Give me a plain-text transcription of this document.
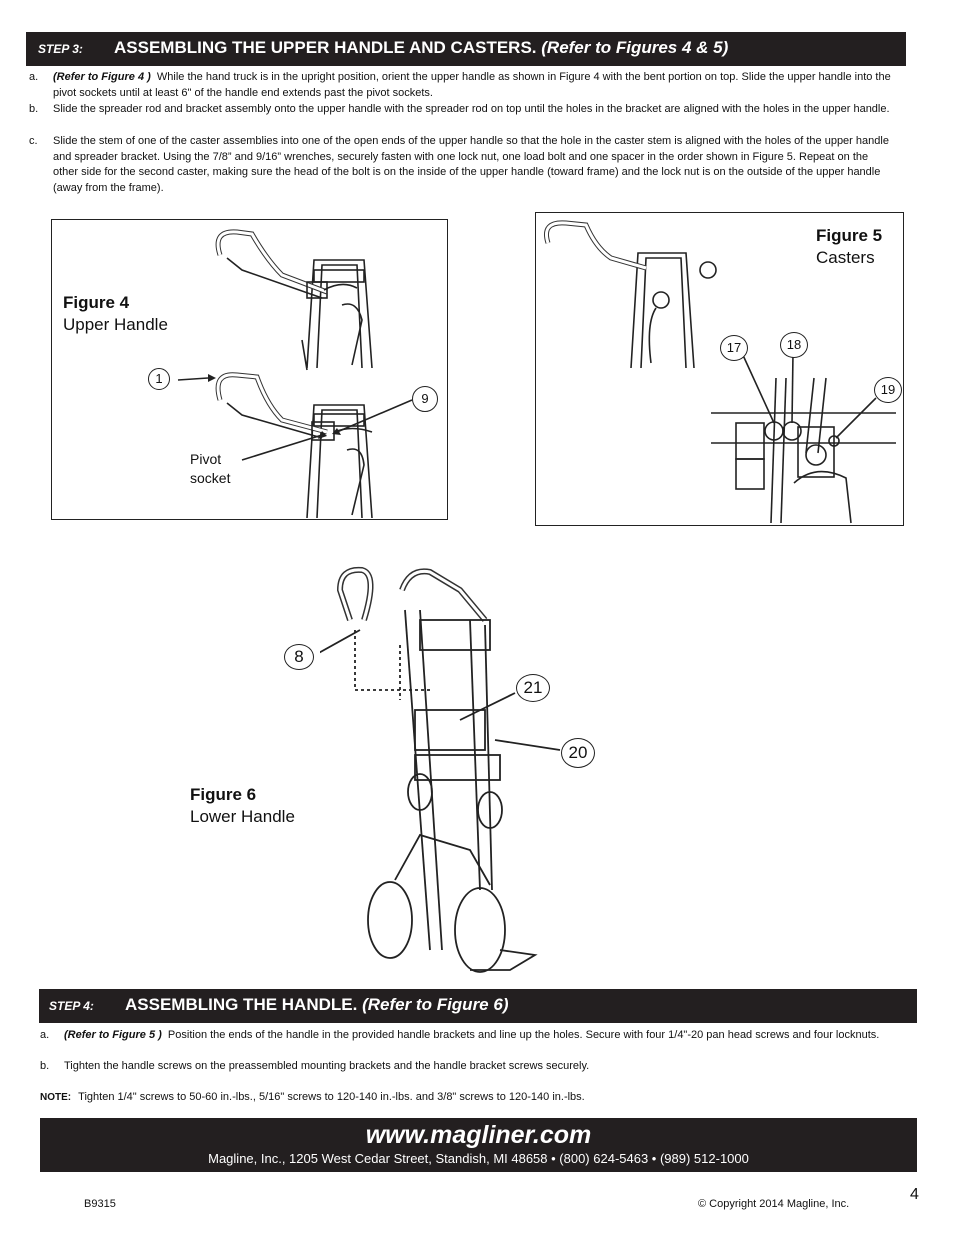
STEP 3: ASSEMBLING THE UPPER HANDLE AND CASTERS. (Refer to Figures 4 & 5)
a. (Refer to Figure 4 ) While the hand truck is in the upright position, orient the upper handle as shown in Figure 4 with the bent portion on top. Slide the upper handle into the pivot sockets until at least 6" of the handle end extends past the pivot sockets.
b. Slide the spreader rod and bracket assembly onto the upper handle with the spreader rod on top until the holes in the bracket are aligned with the holes in the upper handle.
c. Slide the stem of one of the caster assemblies into one of the open ends of the upper handle so that the hole in the caster stem is aligned with the holes of the upper handle and spreader bracket. Using the 7/8” and 9/16” wrenches, securely fasten with one lock nut, one load bolt and one spacer in the order shown in Figure 5. Repeat on the other side for the second caster, making sure the head of the bolt is on the inside of the upper handle (toward frame) and the lock nut is on the outside of the upper handle (away from the frame).
Figure 4
Upper Handle
1
9
Pivot
socket
Figure 5
Casters
17	18
19
8
21
20
Figure 6
Lower Handle
STEP 4: ASSEMBLING THE HANDLE. (Refer to Figure 6)
a. (Refer to Figure 5 ) Position the ends of the handle in the provided handle brackets and line up the holes. Secure with four 1/4"-20 pan head screws and four locknuts.
b. Tighten the handle screws on the preassembled mounting brackets and the handle bracket screws securely.
NOTE: Tighten 1/4" screws to 50-60 in.-lbs., 5/16" screws to 120-140 in.-lbs. and 3/8" screws to 120-140 in.-lbs.
www.magliner.com
Magline, Inc., 1205 West Cedar Street, Standish, MI 48658 • (800) 624-5463 • (989) 512-1000
B9315	© Copyright 2014 Magline, Inc.
4
